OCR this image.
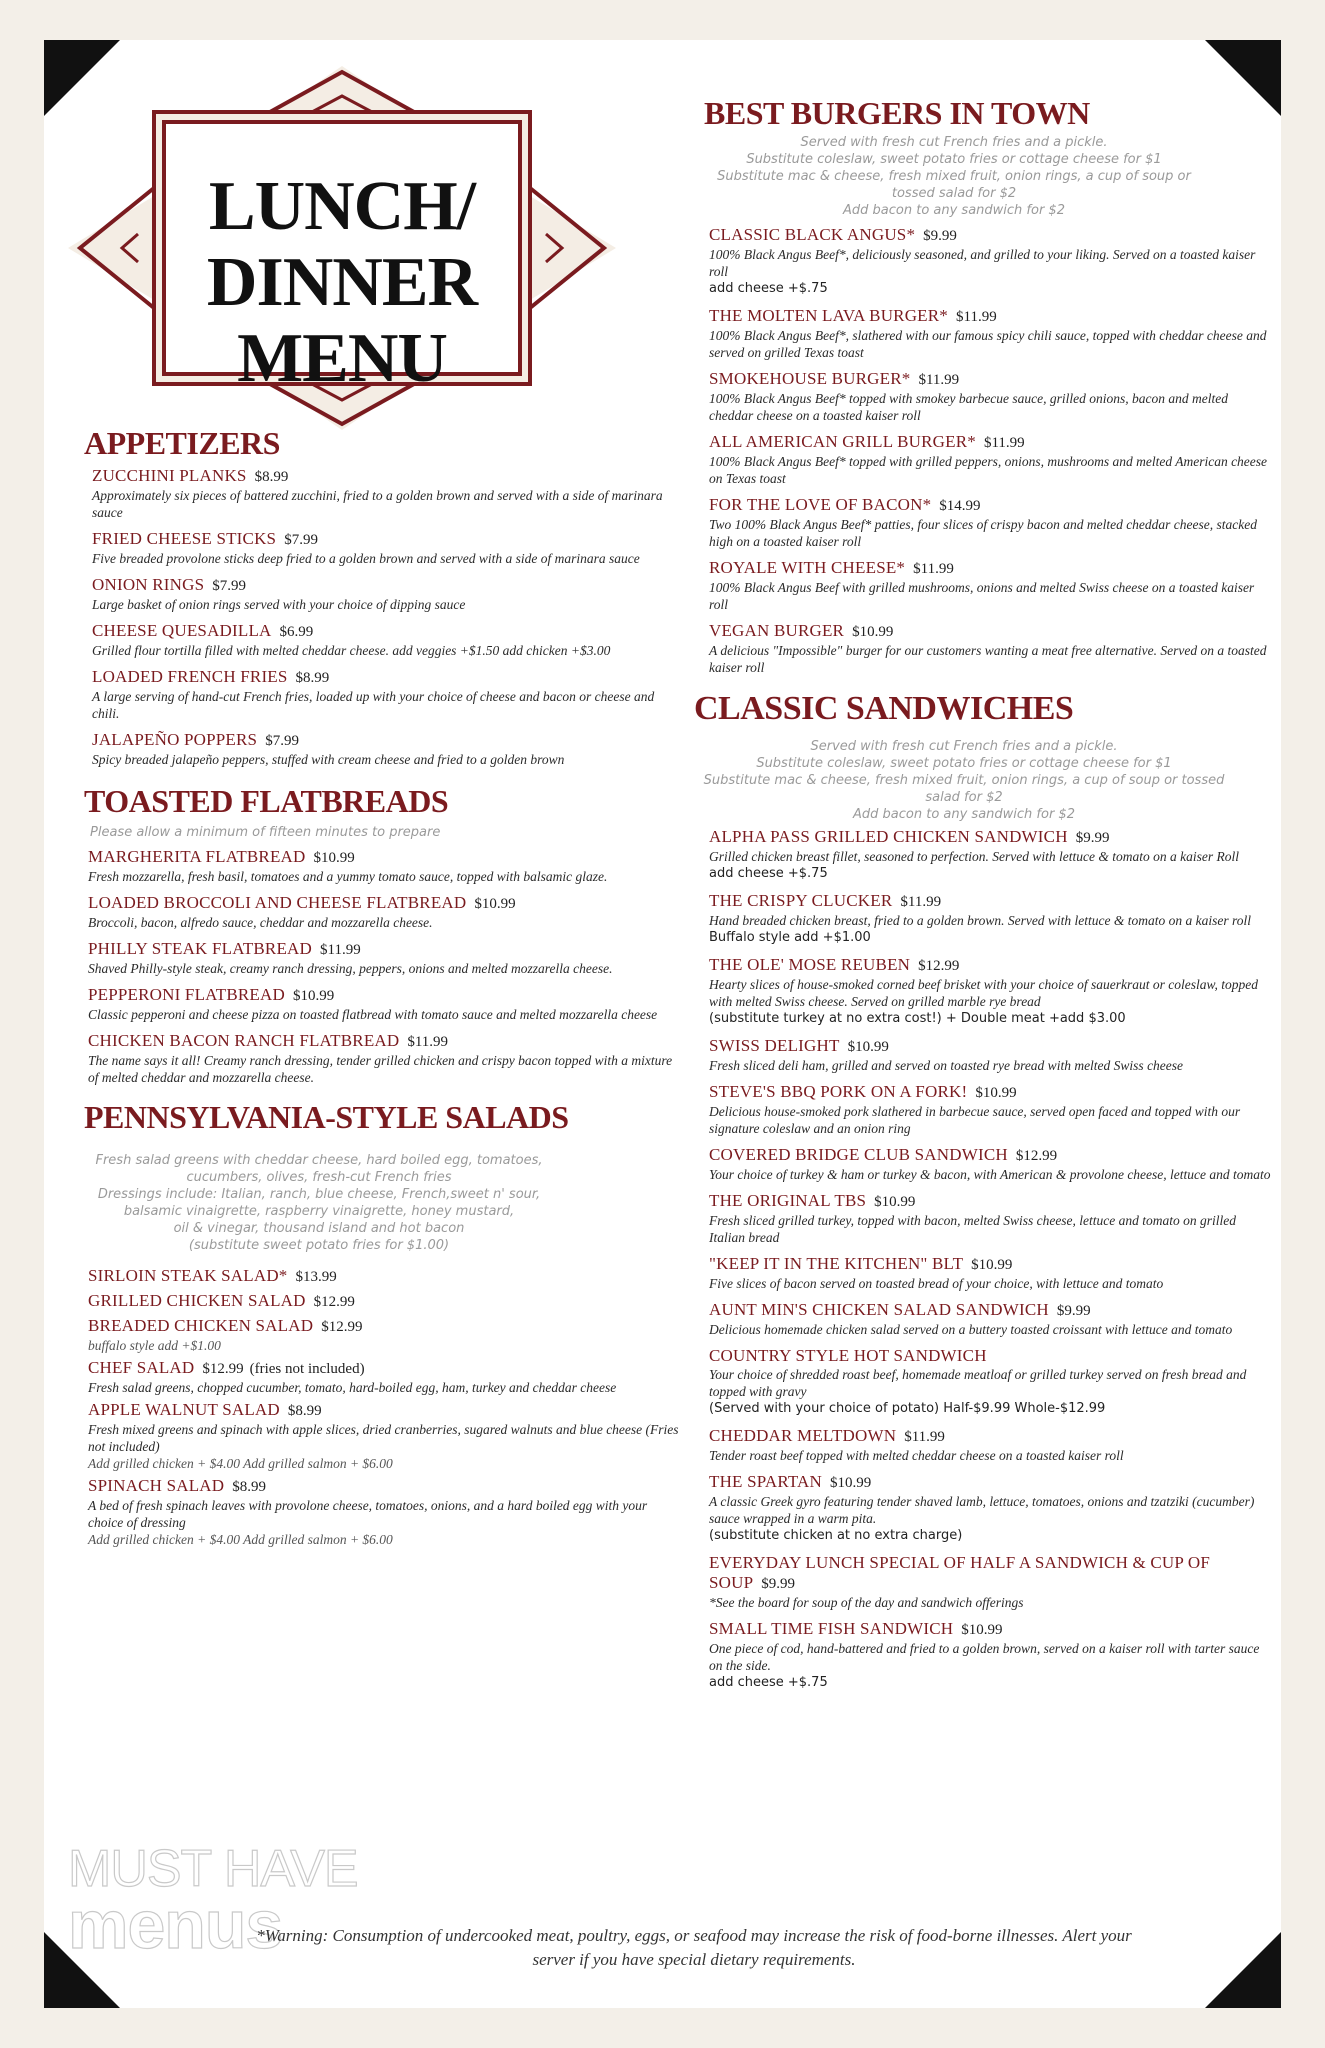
LUNCH/
DINNER
MENU
APPETIZERS
ZUCCHINI PLANKS $8.99
Approximately six pieces of battered zucchini, fried to a golden brown and served with a side of marinara sauce
FRIED CHEESE STICKS $7.99
Five breaded provolone sticks deep fried to a golden brown and served with a side of marinara sauce
ONION RINGS $7.99
Large basket of onion rings served with your choice of dipping sauce
CHEESE QUESADILLA $6.99
Grilled flour tortilla filled with melted cheddar cheese. add veggies +$1.50 add chicken +$3.00
LOADED FRENCH FRIES $8.99
A large serving of hand-cut French fries, loaded up with your choice of cheese and bacon or cheese and chili.
JALAPEÑO POPPERS $7.99
Spicy breaded jalapeño peppers, stuffed with cream cheese and fried to a golden brown
TOASTED FLATBREADS
Please allow a minimum of fifteen minutes to prepare
MARGHERITA FLATBREAD $10.99
Fresh mozzarella, fresh basil, tomatoes and a yummy tomato sauce, topped with balsamic glaze.
LOADED BROCCOLI AND CHEESE FLATBREAD $10.99
Broccoli, bacon, alfredo sauce, cheddar and mozzarella cheese.
PHILLY STEAK FLATBREAD $11.99
Shaved Philly-style steak, creamy ranch dressing, peppers, onions and melted mozzarella cheese.
PEPPERONI FLATBREAD $10.99
Classic pepperoni and cheese pizza on toasted flatbread with tomato sauce and melted mozzarella cheese
CHICKEN BACON RANCH FLATBREAD $11.99
The name says it all! Creamy ranch dressing, tender grilled chicken and crispy bacon topped with a mixture of melted cheddar and mozzarella cheese.
PENNSYLVANIA-STYLE SALADS
Fresh salad greens with cheddar cheese, hard boiled egg, tomatoes,
cucumbers, olives, fresh-cut French fries
Dressings include: Italian, ranch, blue cheese, French,sweet n' sour,
balsamic vinaigrette, raspberry vinaigrette, honey mustard,
oil & vinegar, thousand island and hot bacon
(substitute sweet potato fries for $1.00)
SIRLOIN STEAK SALAD* $13.99
GRILLED CHICKEN SALAD $12.99
BREADED CHICKEN SALAD $12.99
buffalo style add +$1.00
CHEF SALAD $12.99 (fries not included)
Fresh salad greens, chopped cucumber, tomato, hard-boiled egg, ham, turkey and cheddar cheese
APPLE WALNUT SALAD $8.99
Fresh mixed greens and spinach with apple slices, dried cranberries, sugared walnuts and blue cheese (Fries not included)
Add grilled chicken + $4.00 Add grilled salmon + $6.00
SPINACH SALAD $8.99
A bed of fresh spinach leaves with provolone cheese, tomatoes, onions, and a hard boiled egg with your choice of dressing
Add grilled chicken + $4.00 Add grilled salmon + $6.00
BEST BURGERS IN TOWN
Served with fresh cut French fries and a pickle.
Substitute coleslaw, sweet potato fries or cottage cheese for $1
Substitute mac & cheese, fresh mixed fruit, onion rings, a cup of soup or
tossed salad for $2
Add bacon to any sandwich for $2
CLASSIC BLACK ANGUS* $9.99
100% Black Angus Beef*, deliciously seasoned, and grilled to your liking. Served on a toasted kaiser roll
add cheese +$.75
THE MOLTEN LAVA BURGER* $11.99
100% Black Angus Beef*, slathered with our famous spicy chili sauce, topped with cheddar cheese and served on grilled Texas toast
SMOKEHOUSE BURGER* $11.99
100% Black Angus Beef* topped with smokey barbecue sauce, grilled onions, bacon and melted cheddar cheese on a toasted kaiser roll
ALL AMERICAN GRILL BURGER* $11.99
100% Black Angus Beef* topped with grilled peppers, onions, mushrooms and melted American cheese on Texas toast
FOR THE LOVE OF BACON* $14.99
Two 100% Black Angus Beef* patties, four slices of crispy bacon and melted cheddar cheese, stacked high on a toasted kaiser roll
ROYALE WITH CHEESE* $11.99
100% Black Angus Beef with grilled mushrooms, onions and melted Swiss cheese on a toasted kaiser roll
VEGAN BURGER $10.99
A delicious "Impossible" burger for our customers wanting a meat free alternative. Served on a toasted kaiser roll
CLASSIC SANDWICHES
Served with fresh cut French fries and a pickle.
Substitute coleslaw, sweet potato fries or cottage cheese for $1
Substitute mac & cheese, fresh mixed fruit, onion rings, a cup of soup or tossed
salad for $2
Add bacon to any sandwich for $2
ALPHA PASS GRILLED CHICKEN SANDWICH $9.99
Grilled chicken breast fillet, seasoned to perfection. Served with lettuce & tomato on a kaiser Roll
add cheese +$.75
THE CRISPY CLUCKER $11.99
Hand breaded chicken breast, fried to a golden brown. Served with lettuce & tomato on a kaiser roll
Buffalo style add +$1.00
THE OLE' MOSE REUBEN $12.99
Hearty slices of house-smoked corned beef brisket with your choice of sauerkraut or coleslaw, topped with melted Swiss cheese. Served on grilled marble rye bread
(substitute turkey at no extra cost!) + Double meat +add $3.00
SWISS DELIGHT $10.99
Fresh sliced deli ham, grilled and served on toasted rye bread with melted Swiss cheese
STEVE'S BBQ PORK ON A FORK! $10.99
Delicious house-smoked pork slathered in barbecue sauce, served open faced and topped with our signature coleslaw and an onion ring
COVERED BRIDGE CLUB SANDWICH $12.99
Your choice of turkey & ham or turkey & bacon, with American & provolone cheese, lettuce and tomato
THE ORIGINAL TBS $10.99
Fresh sliced grilled turkey, topped with bacon, melted Swiss cheese, lettuce and tomato on grilled Italian bread
"KEEP IT IN THE KITCHEN" BLT $10.99
Five slices of bacon served on toasted bread of your choice, with lettuce and tomato
AUNT MIN'S CHICKEN SALAD SANDWICH $9.99
Delicious homemade chicken salad served on a buttery toasted croissant with lettuce and tomato
COUNTRY STYLE HOT SANDWICH
Your choice of shredded roast beef, homemade meatloaf or grilled turkey served on fresh bread and topped with gravy
(Served with your choice of potato) Half-$9.99 Whole-$12.99
CHEDDAR MELTDOWN $11.99
Tender roast beef topped with melted cheddar cheese on a toasted kaiser roll
THE SPARTAN $10.99
A classic Greek gyro featuring tender shaved lamb, lettuce, tomatoes, onions and tzatziki (cucumber) sauce wrapped in a warm pita.
(substitute chicken at no extra charge)
EVERYDAY LUNCH SPECIAL OF HALF A SANDWICH & CUP OF SOUP $9.99
*See the board for soup of the day and sandwich offerings
SMALL TIME FISH SANDWICH $10.99
One piece of cod, hand-battered and fried to a golden brown, served on a kaiser roll with tarter sauce on the side.
add cheese +$.75
MUST HAVE
menus
*Warning: Consumption of undercooked meat, poultry, eggs, or seafood may increase the risk of food-borne illnesses. Alert your
server if you have special dietary requirements.
